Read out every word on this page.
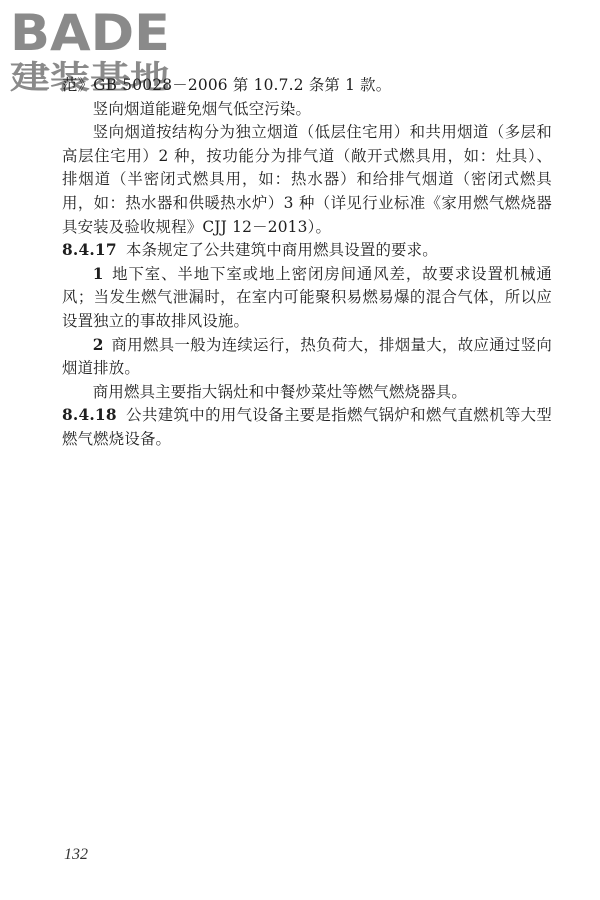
BADE
建装基地

范》GB 50028－2006 第 10.7.2 条第 1 款。

竖向烟道能避免烟气低空污染。

竖向烟道按结构分为独立烟道（低层住宅用）和共用烟道（多层和高层住宅用）2 种，按功能分为排气道（敞开式燃具用，如：灶具）、排烟道（半密闭式燃具用，如：热水器）和给排气烟道（密闭式燃具用，如：热水器和供暖热水炉）3 种（详见行业标准《家用燃气燃烧器具安装及验收规程》CJJ 12－2013）。

8.4.17 本条规定了公共建筑中商用燃具设置的要求。

1 地下室、半地下室或地上密闭房间通风差，故要求设置机械通风；当发生燃气泄漏时，在室内可能聚积易燃易爆的混合气体，所以应设置独立的事故排风设施。

2 商用燃具一般为连续运行，热负荷大，排烟量大，故应通过竖向烟道排放。

商用燃具主要指大锅灶和中餐炒菜灶等燃气燃烧器具。

8.4.18 公共建筑中的用气设备主要是指燃气锅炉和燃气直燃机等大型燃气燃烧设备。

132
